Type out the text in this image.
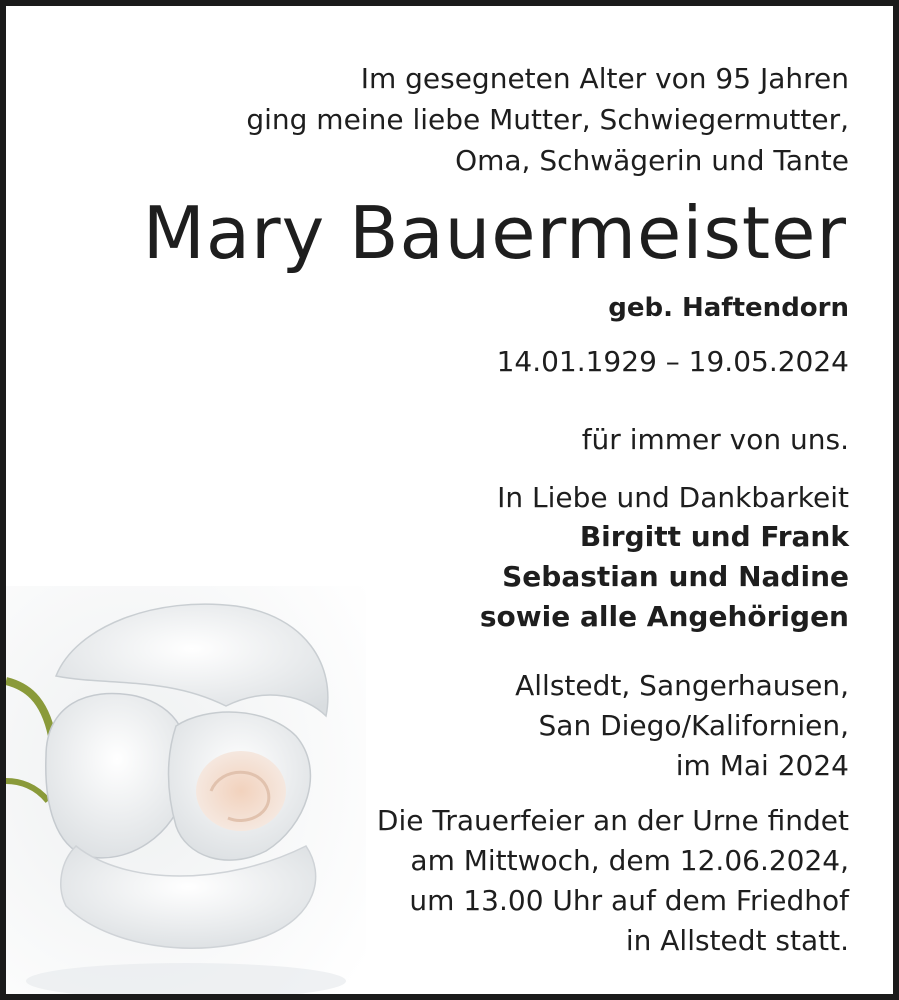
Im gesegneten Alter von 95 Jahren
ging meine liebe Mutter, Schwiegermutter,
Oma, Schwägerin und Tante
Mary Bauermeister
geb. Haftendorn
14.01.1929 – 19.05.2024
für immer von uns.
In Liebe und Dankbarkeit
Birgitt und Frank
Sebastian und Nadine
sowie alle Angehörigen
Allstedt, Sangerhausen,
San Diego/Kalifornien,
im Mai 2024
Die Trauerfeier an der Urne findet
am Mittwoch, dem 12.06.2024,
um 13.00 Uhr auf dem Friedhof
in Allstedt statt.
